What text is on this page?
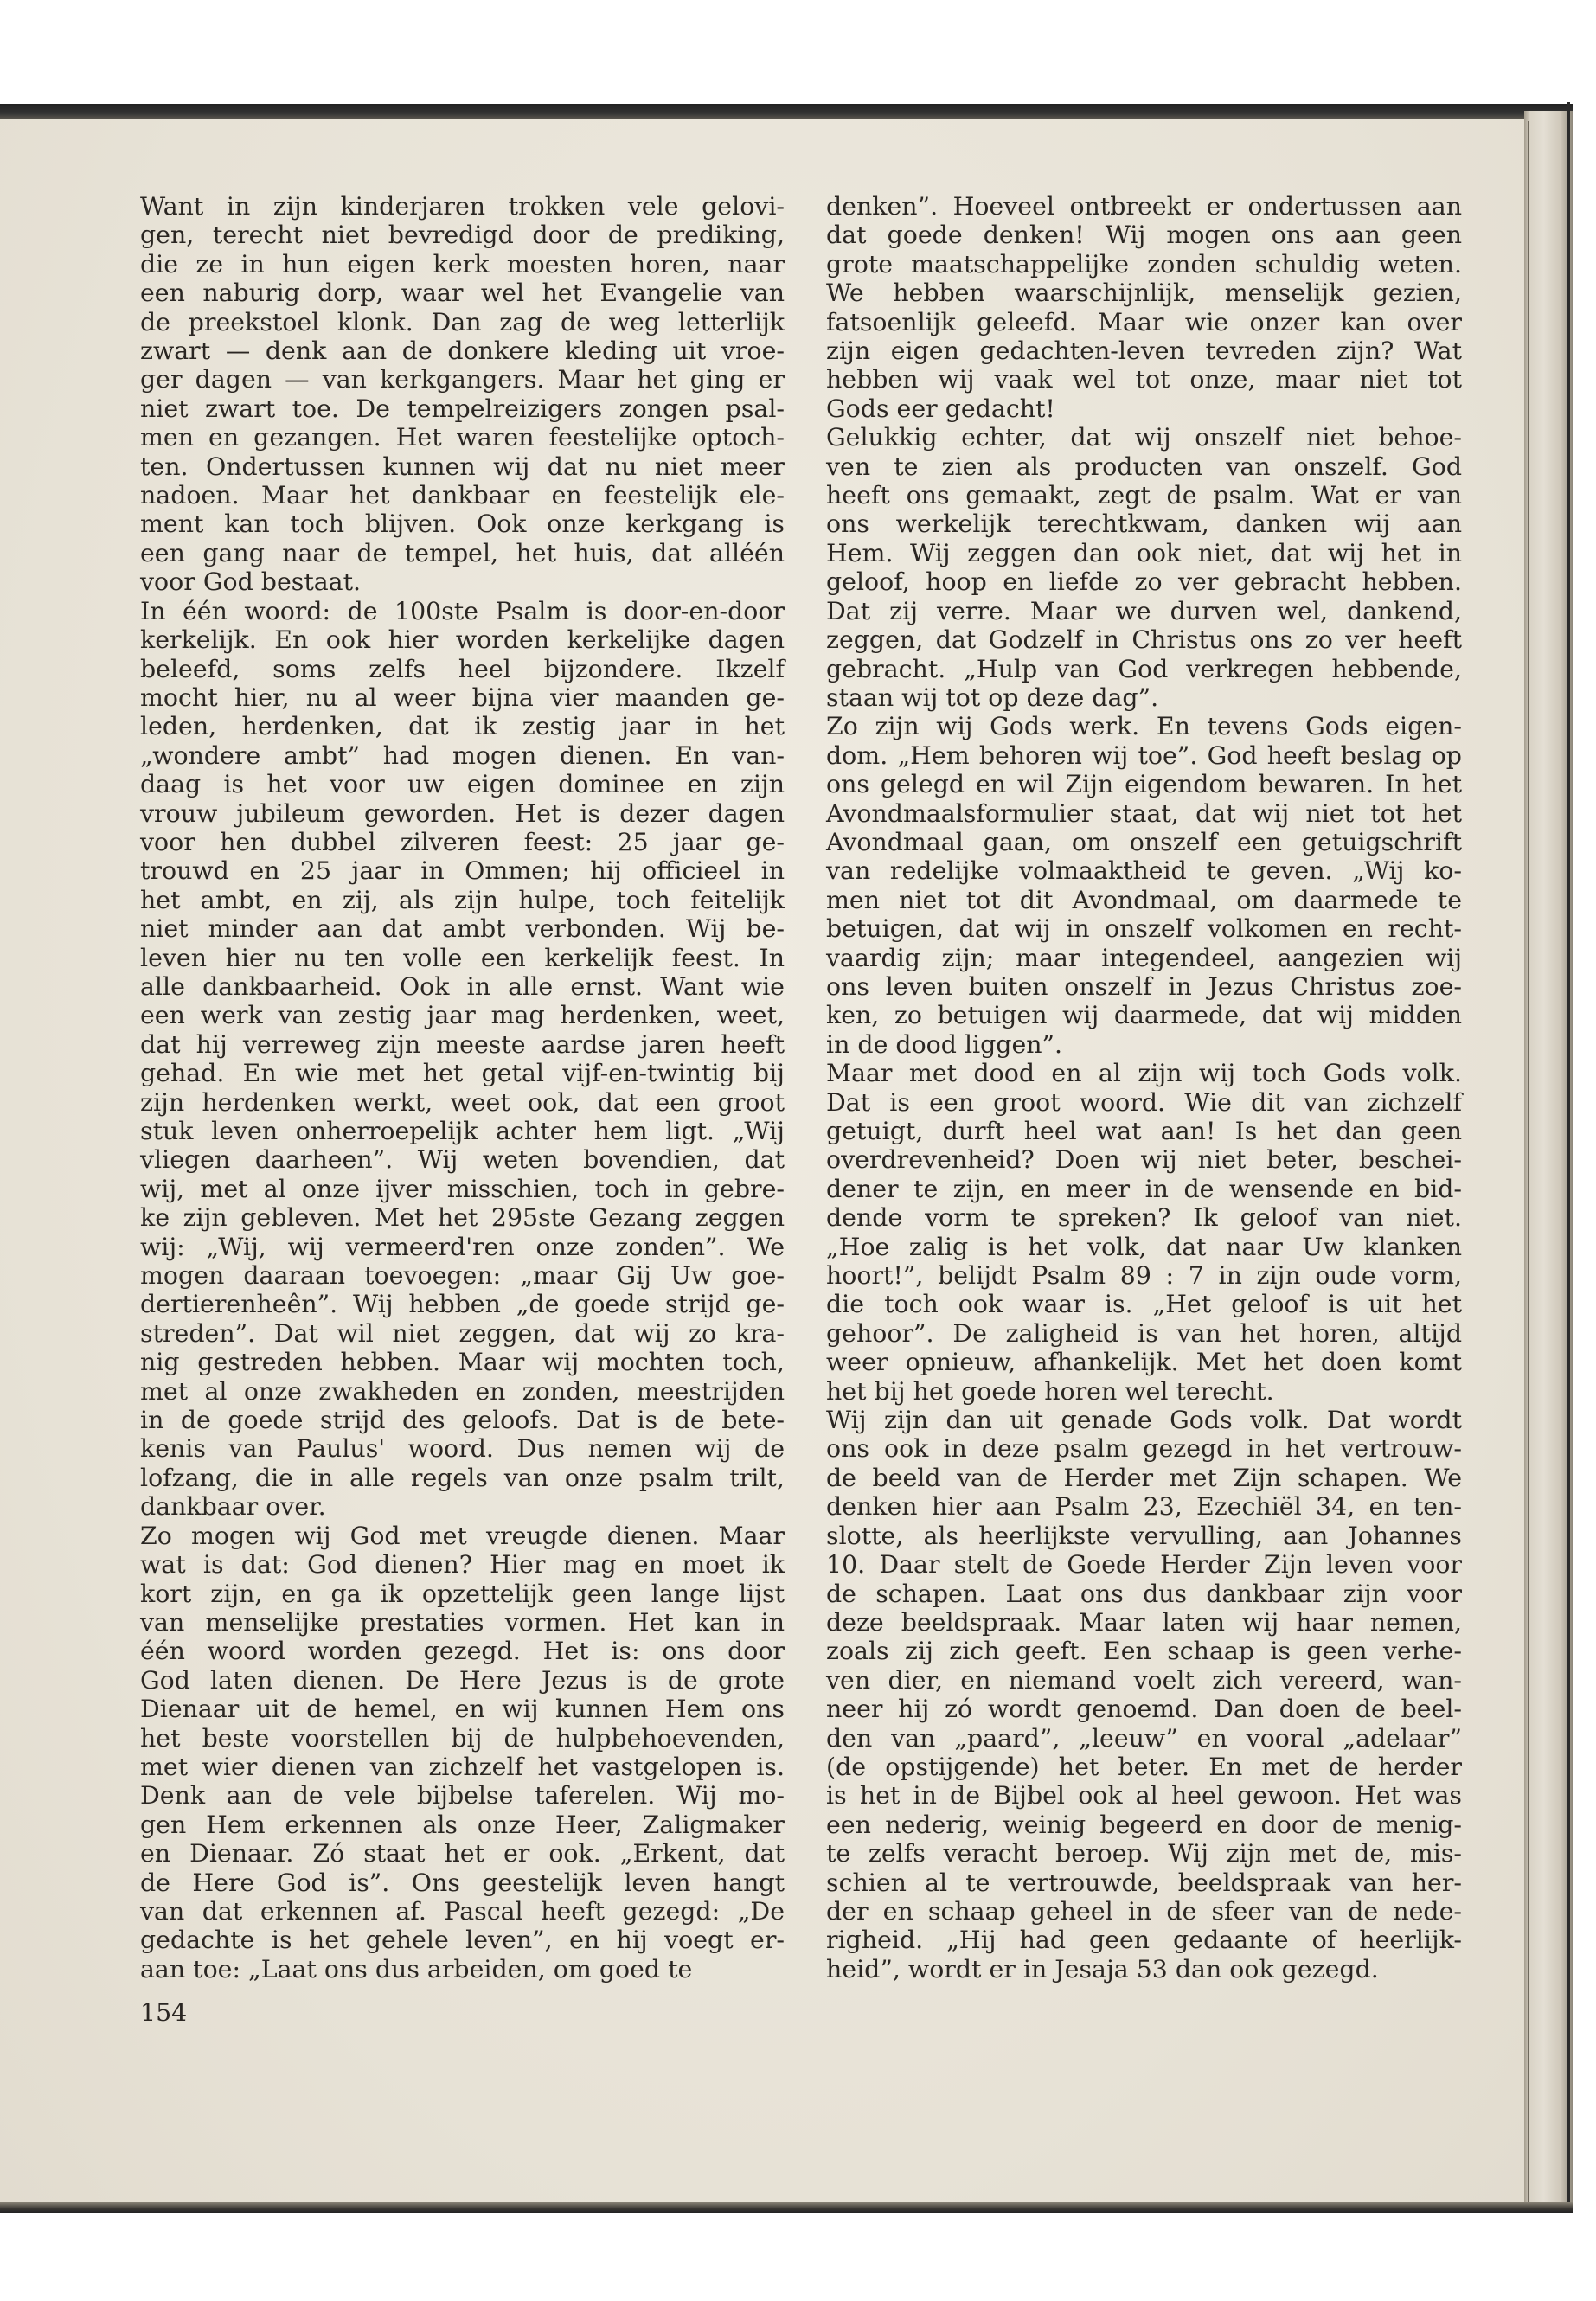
Want in zijn kinderjaren trokken vele gelovi-
gen, terecht niet bevredigd door de prediking,
die ze in hun eigen kerk moesten horen, naar
een naburig dorp, waar wel het Evangelie van
de preekstoel klonk. Dan zag de weg letterlijk
zwart — denk aan de donkere kleding uit vroe-
ger dagen — van kerkgangers. Maar het ging er
niet zwart toe. De tempelreizigers zongen psal-
men en gezangen. Het waren feestelijke optoch-
ten. Ondertussen kunnen wij dat nu niet meer
nadoen. Maar het dankbaar en feestelijk ele-
ment kan toch blijven. Ook onze kerkgang is
een gang naar de tempel, het huis, dat alléén
voor God bestaat.
In één woord: de 100ste Psalm is door-en-door
kerkelijk. En ook hier worden kerkelijke dagen
beleefd, soms zelfs heel bijzondere. Ikzelf
mocht hier, nu al weer bijna vier maanden ge-
leden, herdenken, dat ik zestig jaar in het
„wondere ambt” had mogen dienen. En van-
daag is het voor uw eigen dominee en zijn
vrouw jubileum geworden. Het is dezer dagen
voor hen dubbel zilveren feest: 25 jaar ge-
trouwd en 25 jaar in Ommen; hij officieel in
het ambt, en zij, als zijn hulpe, toch feitelijk
niet minder aan dat ambt verbonden. Wij be-
leven hier nu ten volle een kerkelijk feest. In
alle dankbaarheid. Ook in alle ernst. Want wie
een werk van zestig jaar mag herdenken, weet,
dat hij verreweg zijn meeste aardse jaren heeft
gehad. En wie met het getal vijf-en-twintig bij
zijn herdenken werkt, weet ook, dat een groot
stuk leven onherroepelijk achter hem ligt. „Wij
vliegen daarheen”. Wij weten bovendien, dat
wij, met al onze ijver misschien, toch in gebre-
ke zijn gebleven. Met het 295ste Gezang zeggen
wij: „Wij, wij vermeerd'ren onze zonden”. We
mogen daaraan toevoegen: „maar Gij Uw goe-
dertierenheên”. Wij hebben „de goede strijd ge-
streden”. Dat wil niet zeggen, dat wij zo kra-
nig gestreden hebben. Maar wij mochten toch,
met al onze zwakheden en zonden, meestrijden
in de goede strijd des geloofs. Dat is de bete-
kenis van Paulus' woord. Dus nemen wij de
lofzang, die in alle regels van onze psalm trilt,
dankbaar over.
Zo mogen wij God met vreugde dienen. Maar
wat is dat: God dienen? Hier mag en moet ik
kort zijn, en ga ik opzettelijk geen lange lijst
van menselijke prestaties vormen. Het kan in
één woord worden gezegd. Het is: ons door
God laten dienen. De Here Jezus is de grote
Dienaar uit de hemel, en wij kunnen Hem ons
het beste voorstellen bij de hulpbehoevenden,
met wier dienen van zichzelf het vastgelopen is.
Denk aan de vele bijbelse taferelen. Wij mo-
gen Hem erkennen als onze Heer, Zaligmaker
en Dienaar. Zó staat het er ook. „Erkent, dat
de Here God is”. Ons geestelijk leven hangt
van dat erkennen af. Pascal heeft gezegd: „De
gedachte is het gehele leven”, en hij voegt er-
aan toe: „Laat ons dus arbeiden, om goed te
denken”. Hoeveel ontbreekt er ondertussen aan
dat goede denken! Wij mogen ons aan geen
grote maatschappelijke zonden schuldig weten.
We hebben waarschijnlijk, menselijk gezien,
fatsoenlijk geleefd. Maar wie onzer kan over
zijn eigen gedachten-leven tevreden zijn? Wat
hebben wij vaak wel tot onze, maar niet tot
Gods eer gedacht!
Gelukkig echter, dat wij onszelf niet behoe-
ven te zien als producten van onszelf. God
heeft ons gemaakt, zegt de psalm. Wat er van
ons werkelijk terechtkwam, danken wij aan
Hem. Wij zeggen dan ook niet, dat wij het in
geloof, hoop en liefde zo ver gebracht hebben.
Dat zij verre. Maar we durven wel, dankend,
zeggen, dat Godzelf in Christus ons zo ver heeft
gebracht. „Hulp van God verkregen hebbende,
staan wij tot op deze dag”.
Zo zijn wij Gods werk. En tevens Gods eigen-
dom. „Hem behoren wij toe”. God heeft beslag op
ons gelegd en wil Zijn eigendom bewaren. In het
Avondmaalsformulier staat, dat wij niet tot het
Avondmaal gaan, om onszelf een getuigschrift
van redelijke volmaaktheid te geven. „Wij ko-
men niet tot dit Avondmaal, om daarmede te
betuigen, dat wij in onszelf volkomen en recht-
vaardig zijn; maar integendeel, aangezien wij
ons leven buiten onszelf in Jezus Christus zoe-
ken, zo betuigen wij daarmede, dat wij midden
in de dood liggen”.
Maar met dood en al zijn wij toch Gods volk.
Dat is een groot woord. Wie dit van zichzelf
getuigt, durft heel wat aan! Is het dan geen
overdrevenheid? Doen wij niet beter, beschei-
dener te zijn, en meer in de wensende en bid-
dende vorm te spreken? Ik geloof van niet.
„Hoe zalig is het volk, dat naar Uw klanken
hoort!”, belijdt Psalm 89 : 7 in zijn oude vorm,
die toch ook waar is. „Het geloof is uit het
gehoor”. De zaligheid is van het horen, altijd
weer opnieuw, afhankelijk. Met het doen komt
het bij het goede horen wel terecht.
Wij zijn dan uit genade Gods volk. Dat wordt
ons ook in deze psalm gezegd in het vertrouw-
de beeld van de Herder met Zijn schapen. We
denken hier aan Psalm 23, Ezechiël 34, en ten-
slotte, als heerlijkste vervulling, aan Johannes
10. Daar stelt de Goede Herder Zijn leven voor
de schapen. Laat ons dus dankbaar zijn voor
deze beeldspraak. Maar laten wij haar nemen,
zoals zij zich geeft. Een schaap is geen verhe-
ven dier, en niemand voelt zich vereerd, wan-
neer hij zó wordt genoemd. Dan doen de beel-
den van „paard”, „leeuw” en vooral „adelaar”
(de opstijgende) het beter. En met de herder
is het in de Bijbel ook al heel gewoon. Het was
een nederig, weinig begeerd en door de menig-
te zelfs veracht beroep. Wij zijn met de, mis-
schien al te vertrouwde, beeldspraak van her-
der en schaap geheel in de sfeer van de nede-
righeid. „Hij had geen gedaante of heerlijk-
heid”, wordt er in Jesaja 53 dan ook gezegd.
154
